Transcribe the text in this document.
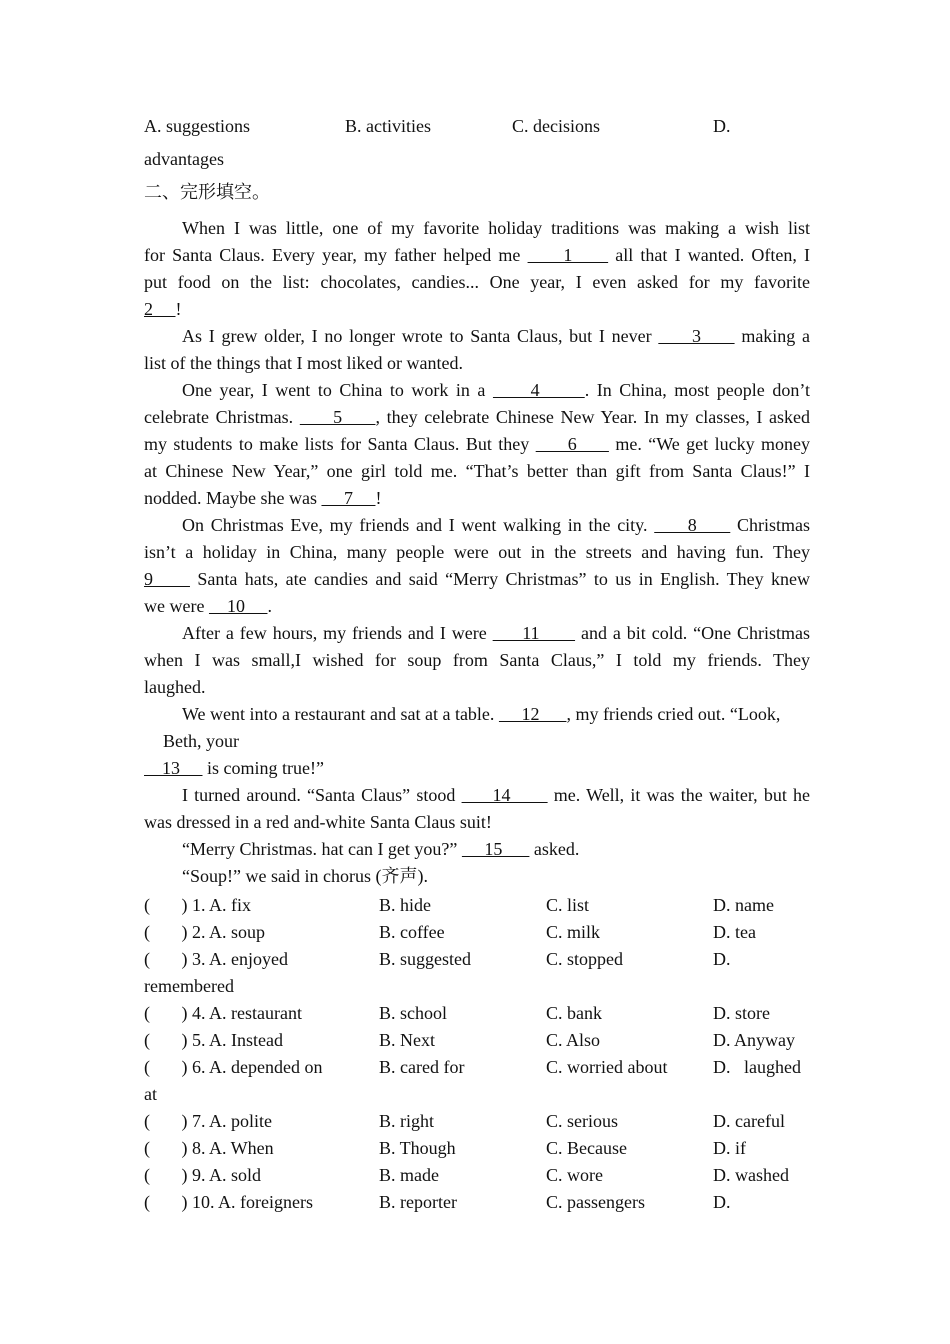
A. suggestions	B. activities	C. decisions	D.
advantages
二、完形填空。
When I was little, one of my favorite holiday traditions was making a wish list
for Santa Claus. Every year, my father helped me      1      all that I wanted. Often, I
put food on the list: chocolates, candies... One year, I even asked for my favorite
2     !
As I grew older, I no longer wrote to Santa Claus, but I never      3      making a
list of the things that I most liked or wanted.
One year, I went to China to work in a      4      . In China, most people don’t
celebrate Christmas.      5     , they celebrate Chinese New Year. In my classes, I asked
my students to make lists for Santa Claus. But they      6      me. “We get lucky money
at Chinese New Year,” one girl told me. “That’s better than gift from Santa Claus!” I
nodded. Maybe she was      7     !
On Christmas Eve, my friends and I went walking in the city.      8      Christmas
isn’t a holiday in China, many people were out in the streets and having fun. They
9      Santa hats, ate candies and said “Merry Christmas” to us in English. They knew
we were     10     .
After a few hours, my friends and I were      11       and a bit cold. “One Christmas
when I was small,I wished for soup from Santa Claus,” I told my friends. They
laughed.
We went into a restaurant and sat at a table.      12      , my friends cried out. “Look,
Beth, your
13      is coming true!”
I turned around. “Santa Claus” stood      14       me. Well, it was the waiter, but he
was dressed in a red and-white Santa Claus suit!
“Merry Christmas. hat can I get you?”      15       asked.
“Soup!” we said in chorus (齐声).
(       ) 1. A. fix	B. hide	C. list	D. name
(       ) 2. A. soup	B. coffee	C. milk	D. tea
(       ) 3. A. enjoyed	B. suggested	C. stopped	D.
remembered
(       ) 4. A. restaurant	B. school	C. bank	D. store
(       ) 5. A. Instead	B. Next	C. Also	D. Anyway
(       ) 6. A. depended on	B. cared for	C. worried about	D.   laughed
at
(       ) 7. A. polite	B. right	C. serious	D. careful
(       ) 8. A. When	B. Though	C. Because	D. if
(       ) 9. A. sold	B. made	C. wore	D. washed
(       ) 10. A. foreigners	B. reporter	C. passengers	D.
